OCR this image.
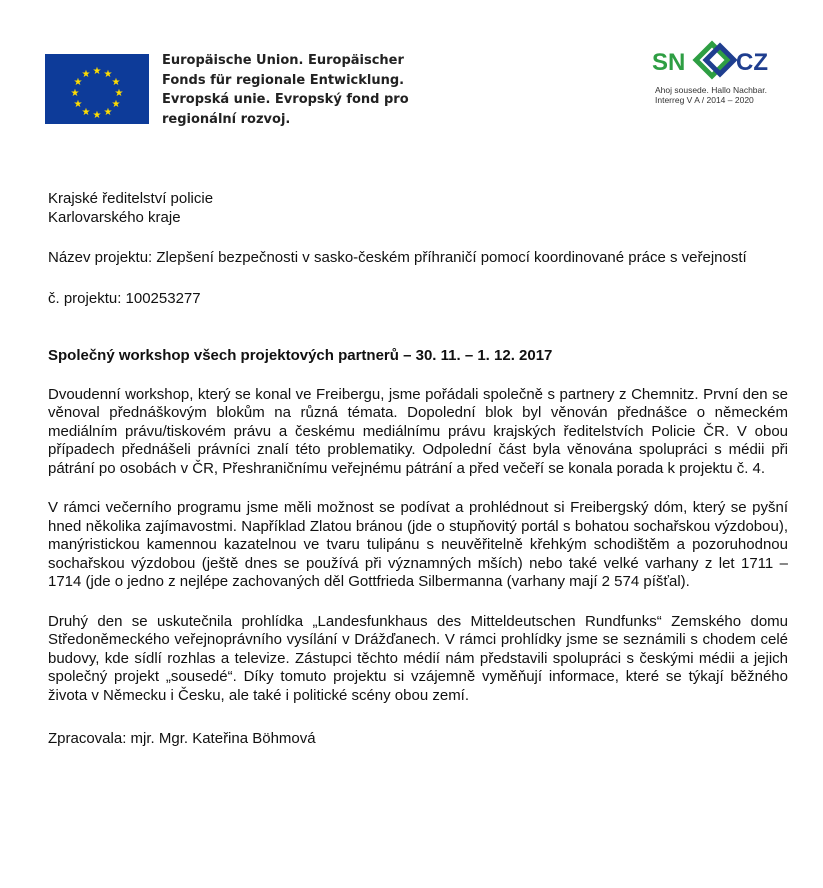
★ ★
★
★
★
★
★
★
★
★
★
★
Europäische Union. Europäischer
Fonds für regionale Entwicklung.
Evropská unie. Evropský fond pro
regionální rozvoj.
SN CZ
Ahoj sousede. Hallo Nachbar.
Interreg V A / 2014 – 2020

Krajské ředitelství policie
Karlovarského kraje

Název projektu: Zlepšení bezpečnosti v sasko-českém příhraničí pomocí koordinované práce s veřejností

č. projektu: 100253277

Společný workshop všech projektových partnerů – 30. 11. – 1. 12. 2017

Dvoudenní workshop, který se konal ve Freibergu, jsme pořádali společně s partnery z Chemnitz. První den se věnoval přednáškovým blokům na různá témata. Dopolední blok byl věnován přednášce o německém mediálním právu/tiskovém právu a českému mediálnímu právu krajských ředitelstvích Policie ČR. V obou případech přednášeli právníci znalí této problematiky. Odpolední část byla věnována spolupráci s médii při pátrání po osobách v ČR, Přeshraničnímu veřejnému pátrání a před večeří se konala porada k projektu č. 4.

V rámci večerního programu jsme měli možnost se podívat a prohlédnout si Freibergský dóm, který se pyšní hned několika zajímavostmi. Například Zlatou bránou (jde o stupňovitý portál s bohatou sochařskou výzdobou), manýristickou kamennou kazatelnou ve tvaru tulipánu s neuvěřitelně křehkým schodištěm a pozoruhodnou sochařskou výzdobou (ještě dnes se používá při významných mších) nebo také velké varhany z let 1711 – 1714 (jde o jedno z nejlépe zachovaných děl Gottfrieda Silbermanna (varhany mají 2 574 píšťal).

Druhý den se uskutečnila prohlídka „Landesfunkhaus des Mitteldeutschen Rundfunks“ Zemského domu Středoněmeckého veřejnoprávního vysílání v Drážďanech. V rámci prohlídky jsme se seznámili s chodem celé budovy, kde sídlí rozhlas a televize. Zástupci těchto médií nám představili spolupráci s českými médii a jejich společný projekt „sousedé“. Díky tomuto projektu si vzájemně vyměňují informace, které se týkají běžného života v Německu i Česku, ale také i politické scény obou zemí.

Zpracovala: mjr. Mgr. Kateřina Böhmová
